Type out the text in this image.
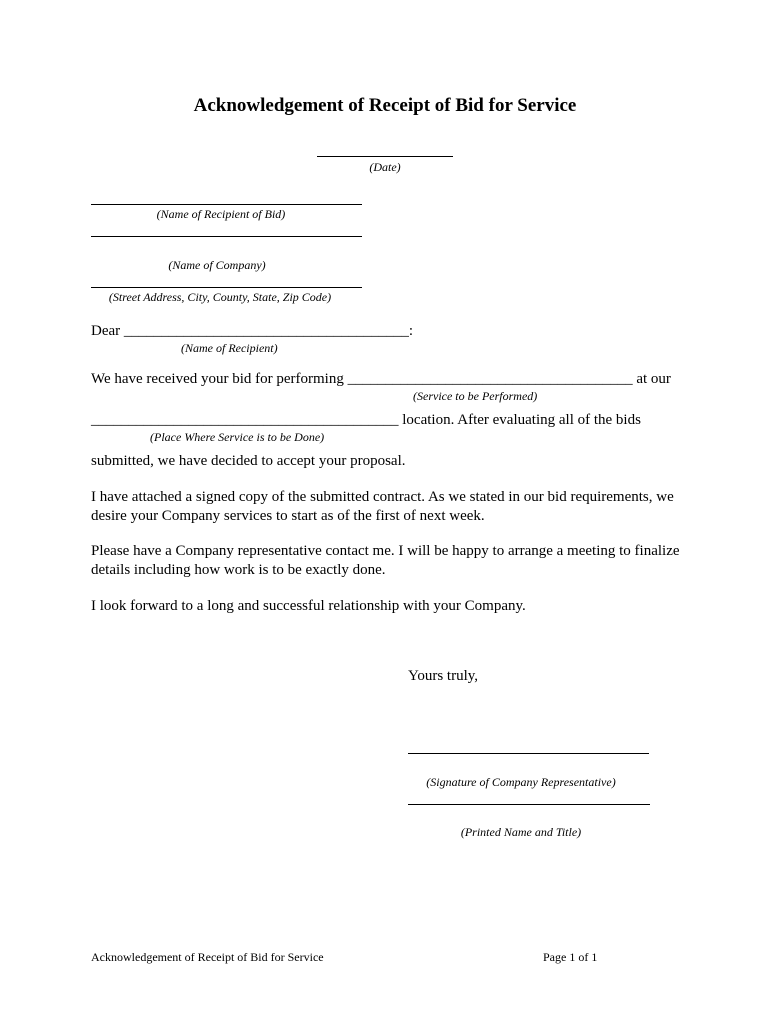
Acknowledgement of Receipt of Bid for Service
(Date)
(Name of Recipient of Bid)
(Name of Company)
(Street Address, City, County, State, Zip Code)
Dear ______________________________________:
(Name of Recipient)
We have received your bid for performing ______________________________________ at our
(Service to be Performed)
_________________________________________ location. After evaluating all of the bids
(Place Where Service is to be Done)
submitted, we have decided to accept your proposal.
I have attached a signed copy of the submitted contract. As we stated in our bid requirements, we desire your Company services to start as of the first of next week.
Please have a Company representative contact me. I will be happy to arrange a meeting to finalize details including how work is to be exactly done.
I look forward to a long and successful relationship with your Company.
Yours truly,
(Signature of Company Representative)
(Printed Name and Title)
Acknowledgement of Receipt of Bid for Service	Page 1 of 1
